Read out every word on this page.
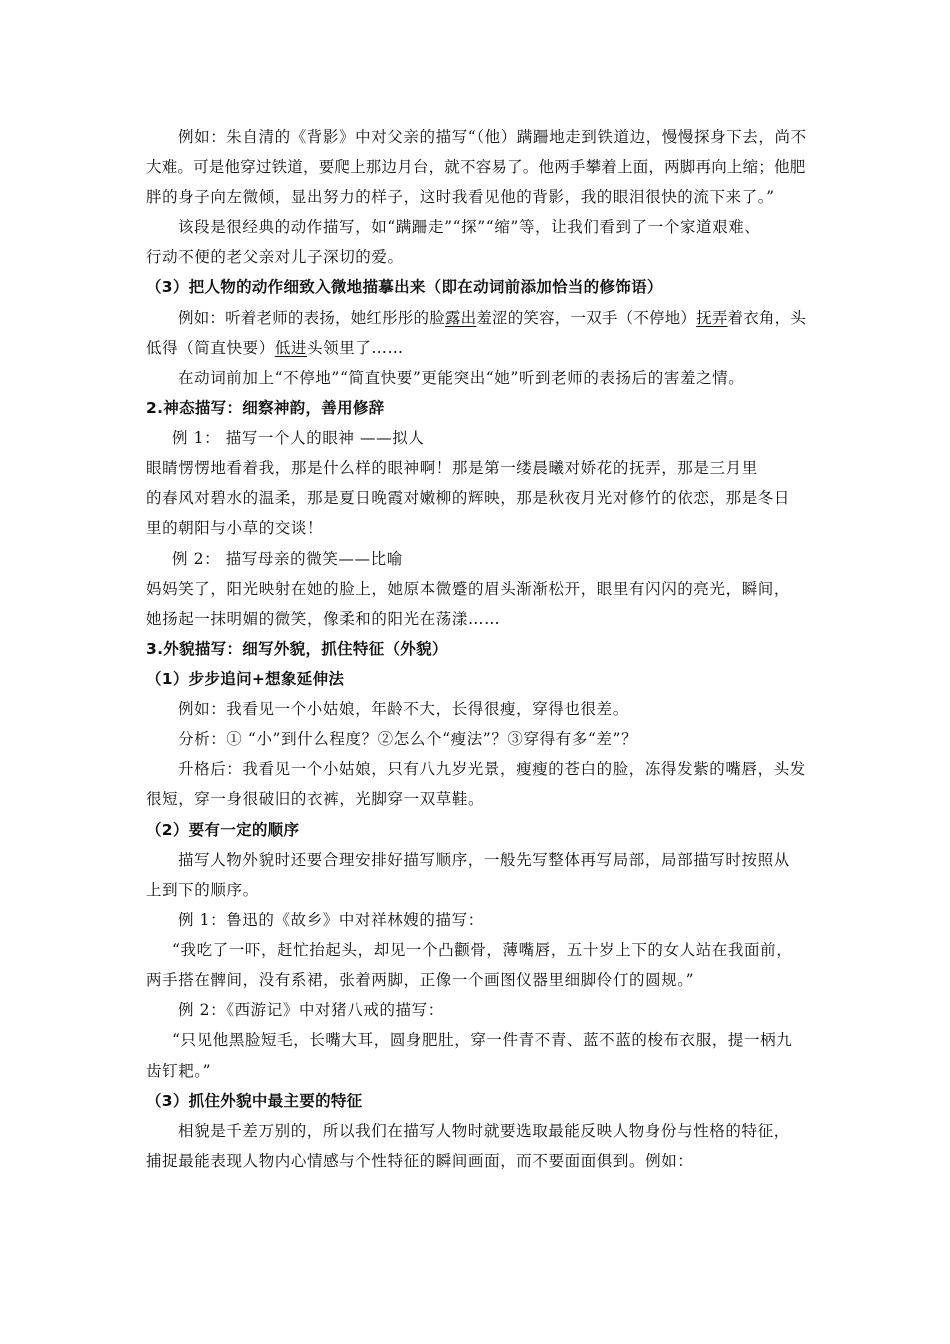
例如：朱自清的《背影》中对父亲的描写“（他）蹒跚地走到铁道边，慢慢探身下去，尚不
大难。可是他穿过铁道，要爬上那边月台，就不容易了。他两手攀着上面，两脚再向上缩；他肥
胖的身子向左微倾，显出努力的样子，这时我看见他的背影，我的眼泪很快的流下来了。”
该段是很经典的动作描写，如“蹒跚走”“探”“缩”等，让我们看到了一个家道艰难、
行动不便的老父亲对儿子深切的爱。
（3）把人物的动作细致入微地描摹出来（即在动词前添加恰当的修饰语）
例如：听着老师的表扬，她红彤彤的脸露出羞涩的笑容，一双手（不停地）抚弄着衣角，头
低得（简直快要）低进头领里了……
在动词前加上“不停地”“简直快要”更能突出“她”听到老师的表扬后的害羞之情。
2.神态描写：细察神韵，善用修辞
例 1： 描写一个人的眼神 ——拟人
眼睛愣愣地看着我，那是什么样的眼神啊！那是第一缕晨曦对娇花的抚弄，那是三月里
的春风对碧水的温柔，那是夏日晚霞对嫩柳的辉映，那是秋夜月光对修竹的依恋，那是冬日
里的朝阳与小草的交谈！
例 2： 描写母亲的微笑——比喻
妈妈笑了，阳光映射在她的脸上，她原本微蹙的眉头渐渐松开，眼里有闪闪的亮光，瞬间，
她扬起一抹明媚的微笑，像柔和的阳光在荡漾……
3.外貌描写：细写外貌，抓住特征（外貌）
（1）步步追问+想象延伸法
例如：我看见一个小姑娘，年龄不大，长得很瘦，穿得也很差。
分析：① “小”到什么程度？②怎么个“瘦法”？③穿得有多“差”？
升格后：我看见一个小姑娘，只有八九岁光景，瘦瘦的苍白的脸，冻得发紫的嘴唇，头发
很短，穿一身很破旧的衣裤，光脚穿一双草鞋。
（2）要有一定的顺序
描写人物外貌时还要合理安排好描写顺序，一般先写整体再写局部，局部描写时按照从
上到下的顺序。
例 1：鲁迅的《故乡》中对祥林嫂的描写：
“我吃了一吓，赶忙抬起头，却见一个凸颧骨，薄嘴唇，五十岁上下的女人站在我面前，
两手搭在髀间，没有系裙，张着两脚，正像一个画图仪器里细脚伶仃的圆规。”
例 2：《西游记》中对猪八戒的描写：
“只见他黑脸短毛，长嘴大耳，圆身肥肚，穿一件青不青、蓝不蓝的梭布衣服，提一柄九
齿钉耙。”
（3）抓住外貌中最主要的特征
相貌是千差万别的，所以我们在描写人物时就要选取最能反映人物身份与性格的特征，
捕捉最能表现人物内心情感与个性特征的瞬间画面，而不要面面俱到。例如：
